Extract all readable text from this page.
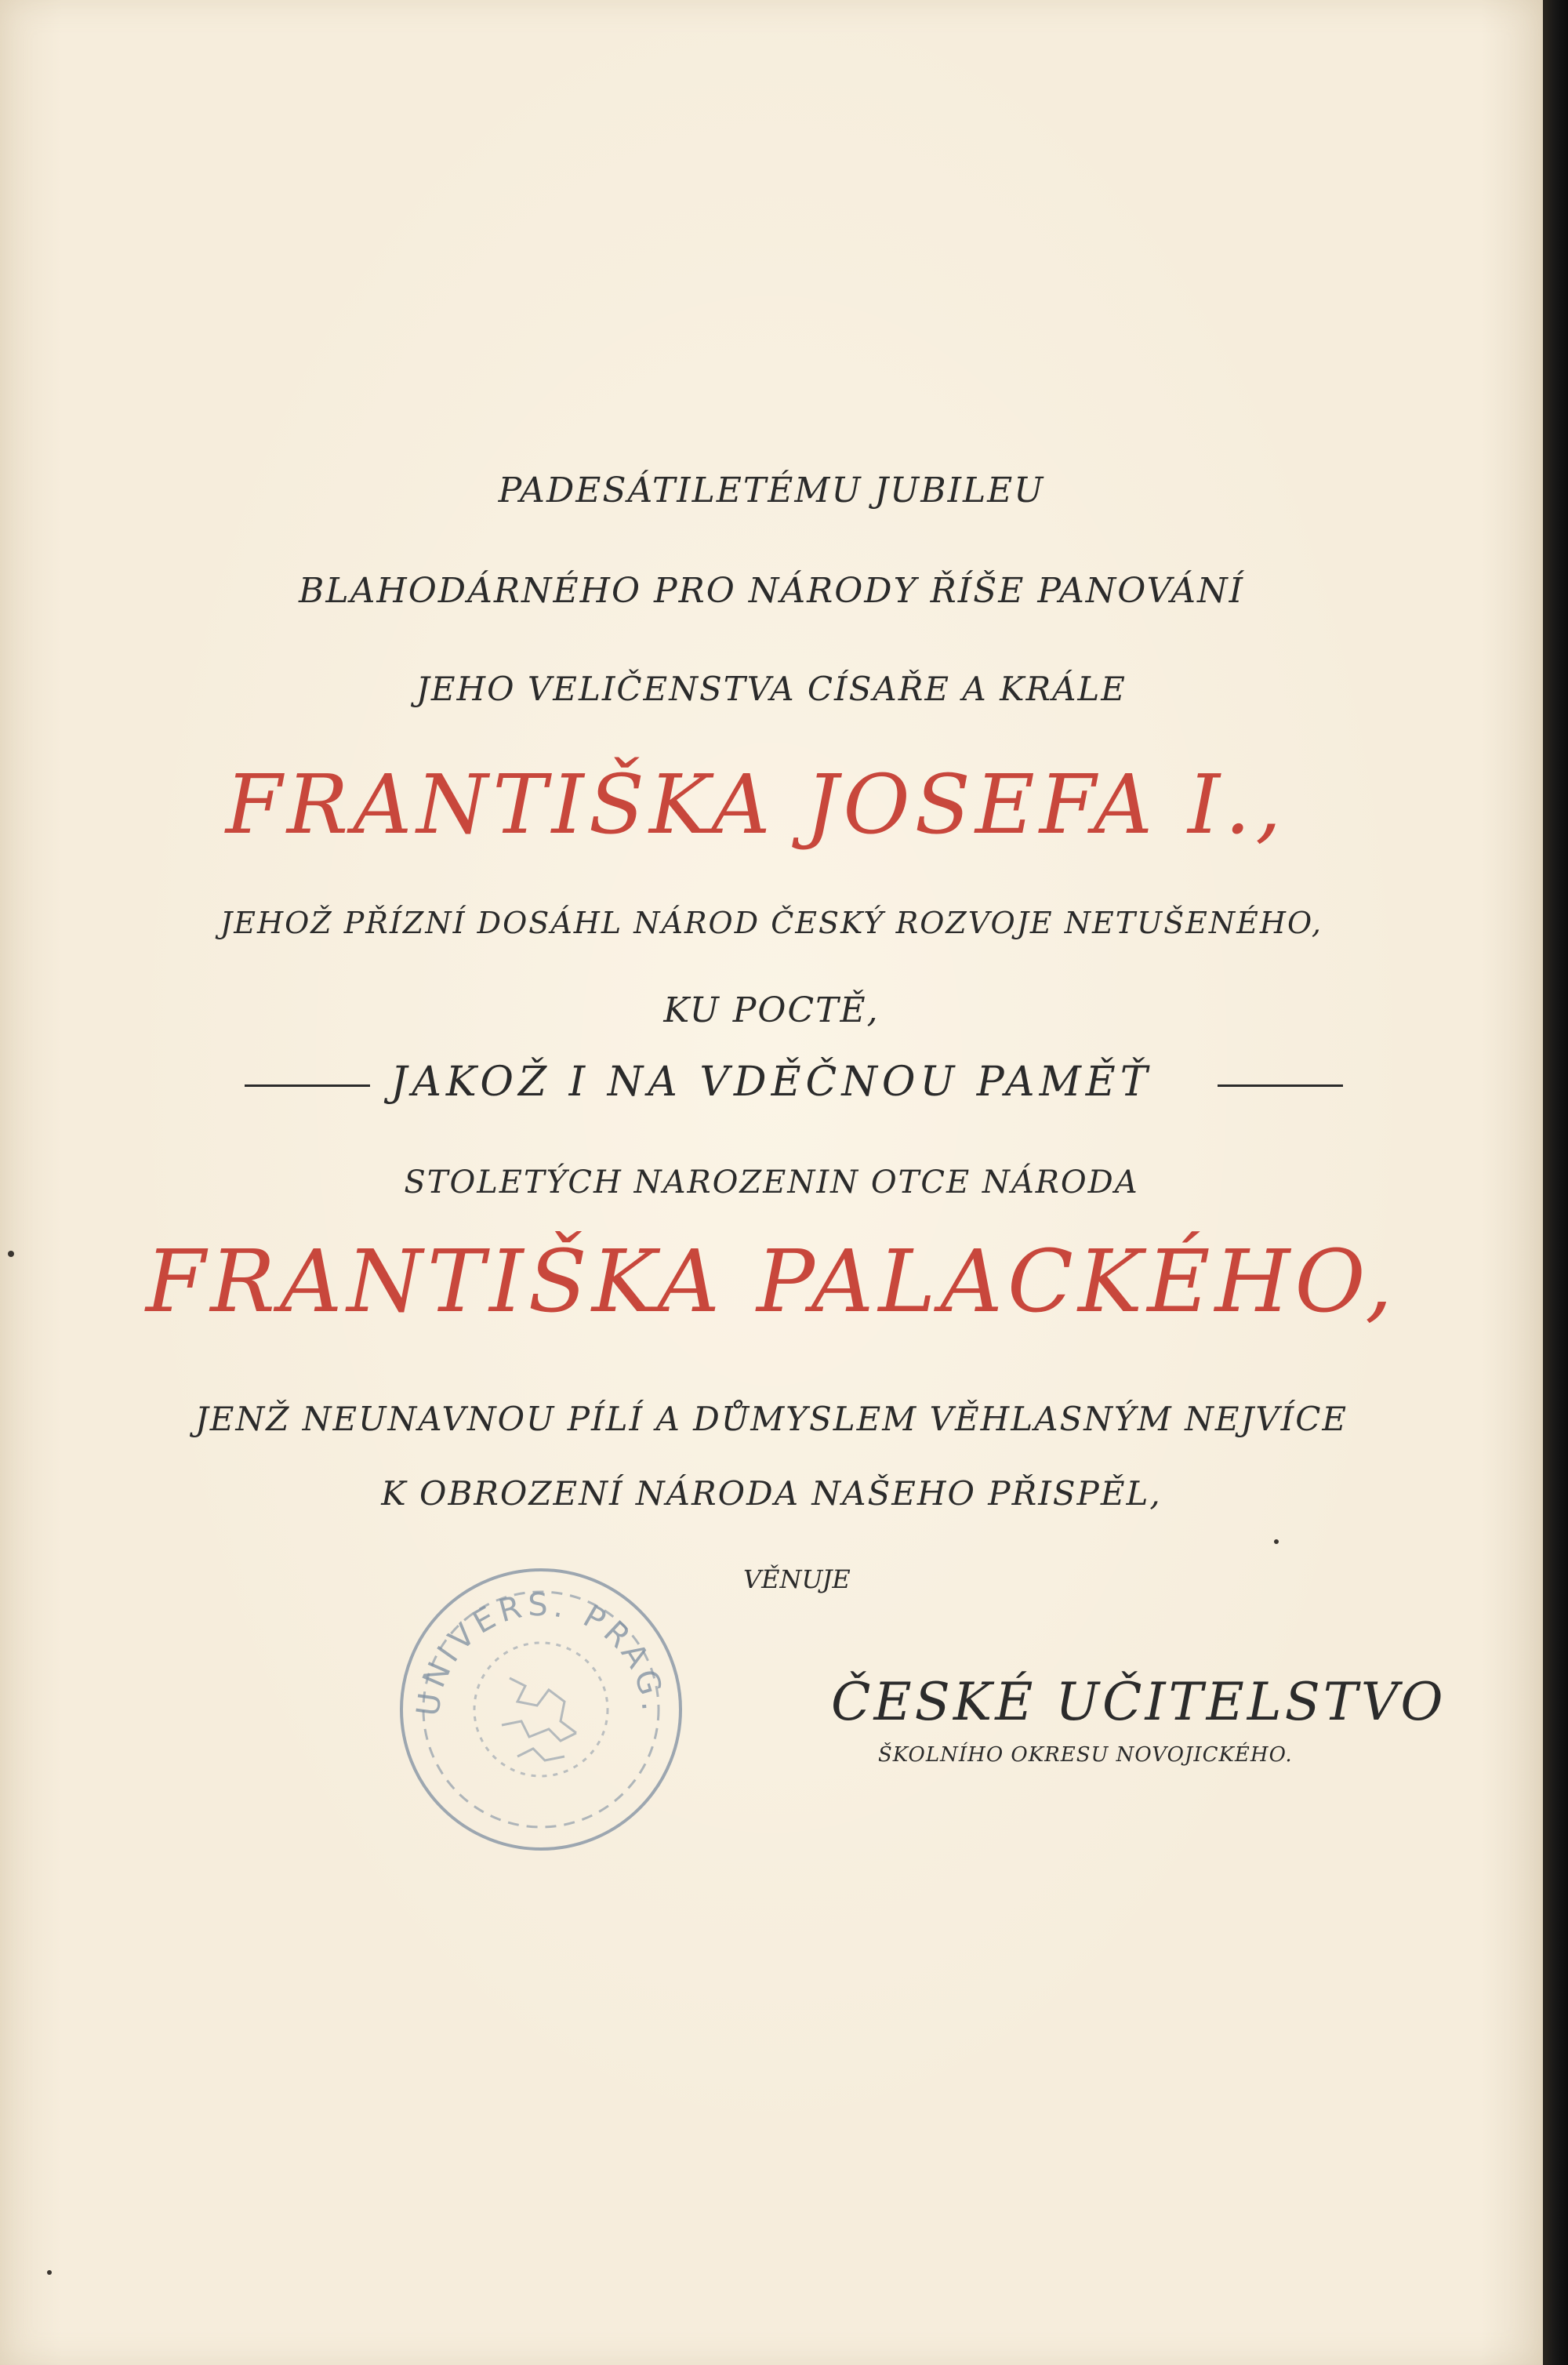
PADESÁTILETÉMU JUBILEU
BLAHODÁRNÉHO PRO NÁRODY ŘÍŠE PANOVÁNÍ
JEHO VELIČENSTVA CÍSAŘE A KRÁLE
FRANTIŠKA JOSEFA I.,
JEHOŽ PŘÍZNÍ DOSÁHL NÁROD ČESKÝ ROZVOJE NETUŠENÉHO,
KU POCTĚ,
JAKOŽ I NA VDĚČNOU PAMĚŤ
STOLETÝCH NAROZENIN OTCE NÁRODA
FRANTIŠKA PALACKÉHO,
JENŽ NEUNAVNOU PÍLÍ A DŮMYSLEM VĚHLASNÝM NEJVÍCE
K OBROZENÍ NÁRODA NAŠEHO PŘISPĚL,
VĚNUJE
UNIVERS. PRAG.	ČESKÉ UČITELSTVO
ŠKOLNÍHO OKRESU NOVOJICKÉHO.
